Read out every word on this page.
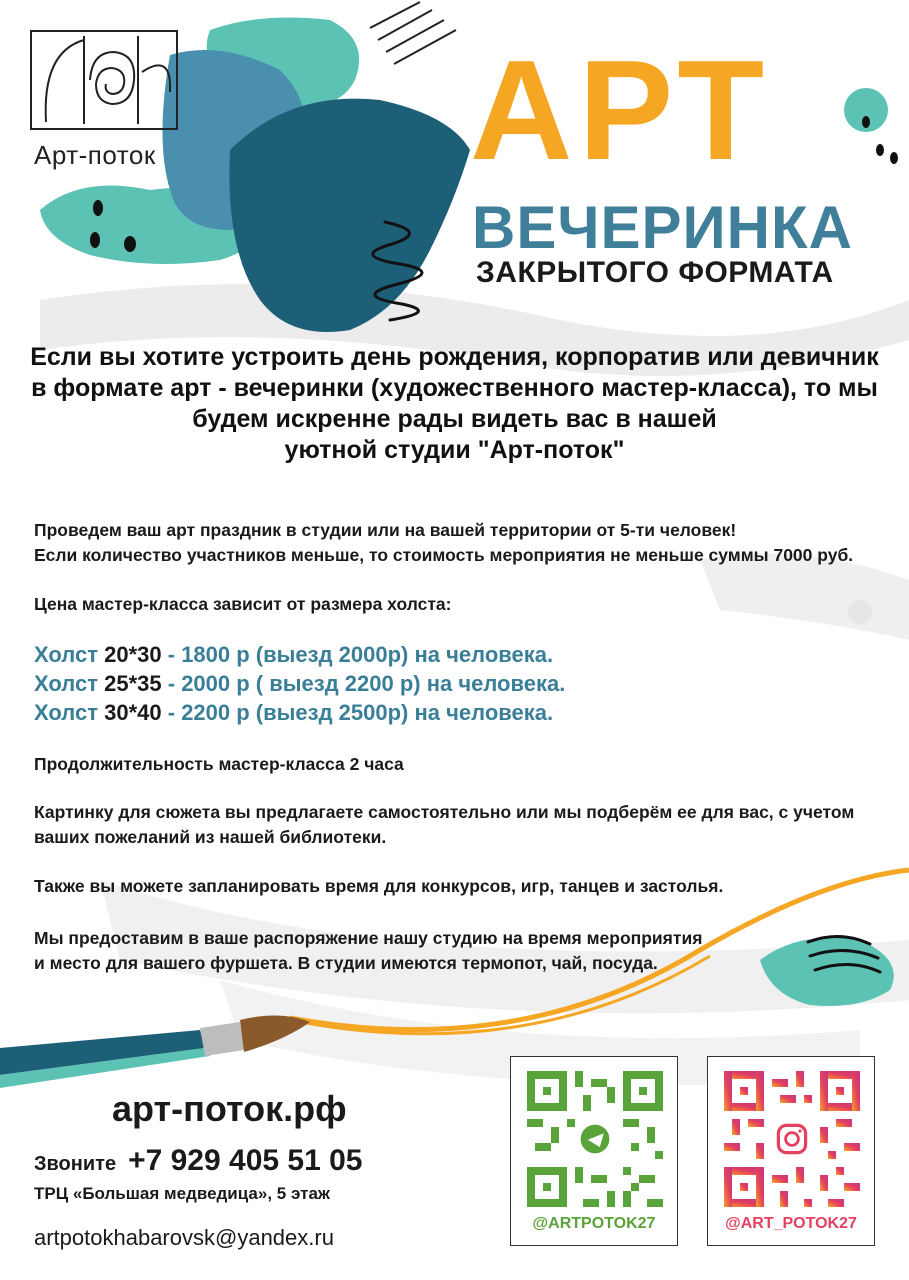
Арт-поток АРТ
ВЕЧЕРИНКА
ЗАКРЫТОГО ФОРМАТА

Если вы хотите устроить день рождения, корпоратив или девичник

в формате арт - вечеринки (художественного мастер-класса), то мы

будем искренне рады видеть вас в нашей

уютной студии "Арт-поток"

Проведем ваш арт праздник в студии или на вашей территории от 5-ти человек!

Если количество участников меньше, то стоимость мероприятия не меньше суммы 7000 руб.

Цена мастер-класса зависит от размера холста:
Холст 20*30 - 1800 р (выезд 2000р) на человека.
Холст 25*35 - 2000 р ( выезд 2200 р) на человека.
Холст 30*40 - 2200 р (выезд 2500р) на человека.
Продолжительность мастер-класса 2 часа

Картинку для сюжета вы предлагаете самостоятельно или мы подберём ее для вас, с учетом

ваших пожеланий из нашей библиотеки.

Также вы можете запланировать время для конкурсов, игр, танцев и застолья.

Мы предоставим в ваше распоряжение нашу студию на время мероприятия

и место для вашего фуршета. В студии имеются термопот, чай, посуда.

арт-поток.рф
Звоните +7 929 405 51 05
ТРЦ «Большая медведица», 5 этаж
artpotokhabarovsk@yandex.ru
@ARTPOTOK27	@ART_POTOK27
